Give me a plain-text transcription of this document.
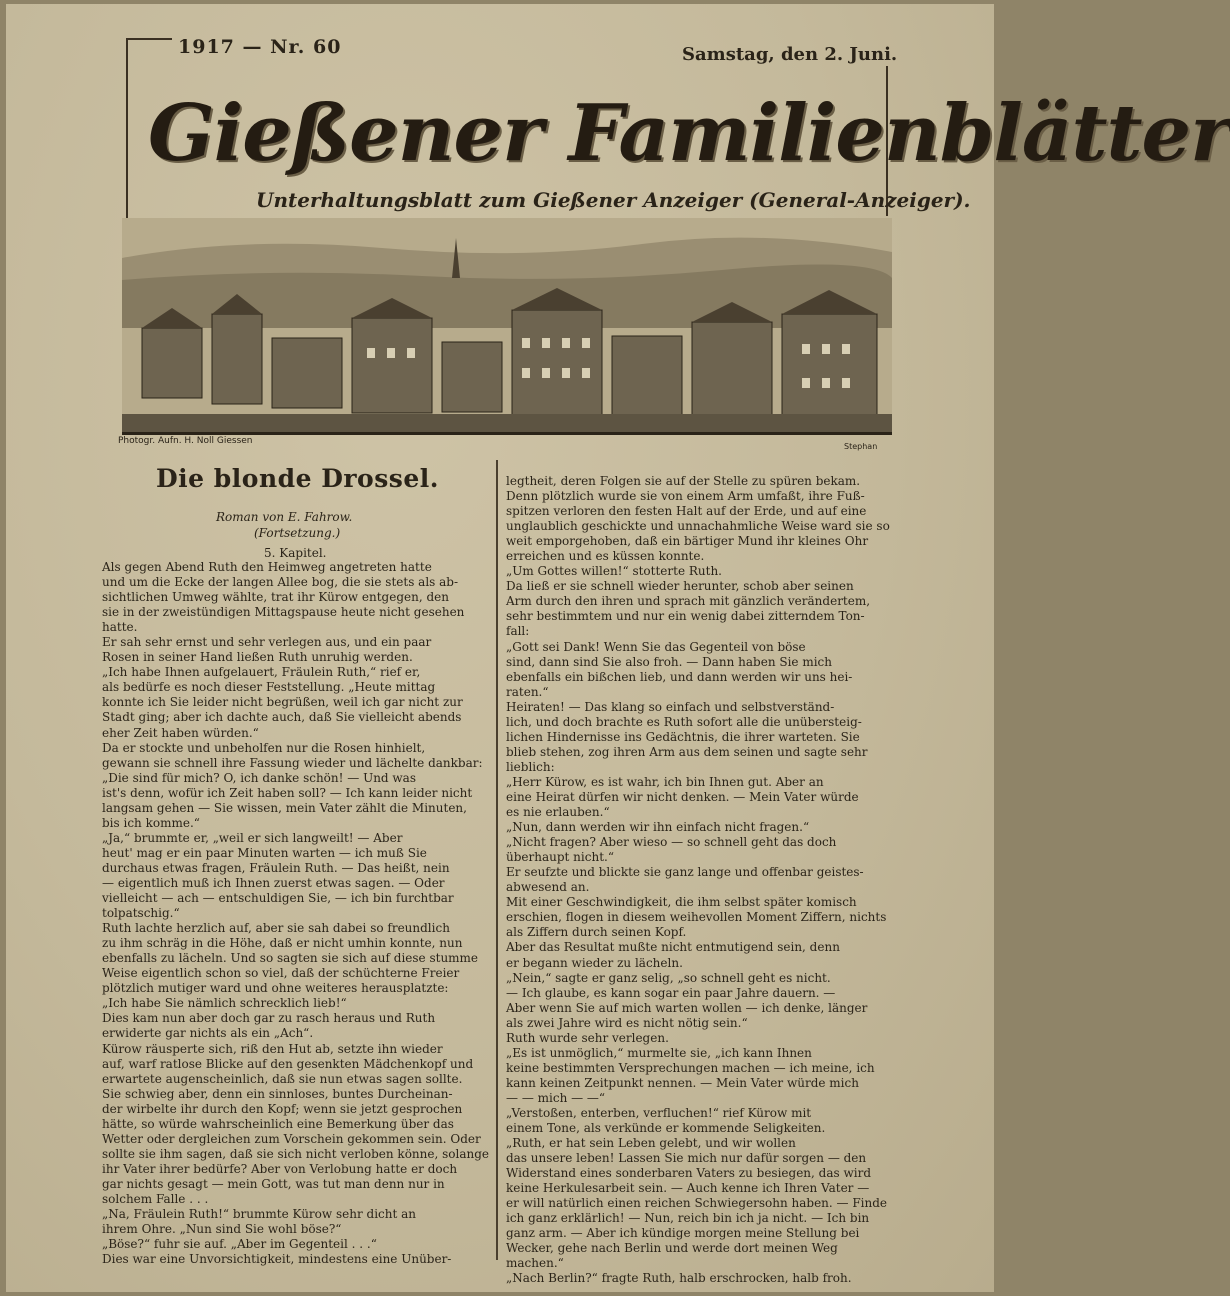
1917 — Nr. 60	Samstag, den 2. Juni.
Gießener Familienblätter
Unterhaltungsblatt zum Gießener Anzeiger (General-Anzeiger).
Photogr. Aufn. H. Noll Giessen
Stephan
Die blonde Drossel.
Roman von E. Fahrow.
(Fortsetzung.)
5. Kapitel.
Als gegen Abend Ruth den Heimweg angetreten hatte
und um die Ecke der langen Allee bog, die sie stets als ab-
sichtlichen Umweg wählte, trat ihr Kürow entgegen, den
sie in der zweistündigen Mittagspause heute nicht gesehen
hatte.
Er sah sehr ernst und sehr verlegen aus, und ein paar
Rosen in seiner Hand ließen Ruth unruhig werden.
„Ich habe Ihnen aufgelauert, Fräulein Ruth,“ rief er,
als bedürfe es noch dieser Feststellung. „Heute mittag
konnte ich Sie leider nicht begrüßen, weil ich gar nicht zur
Stadt ging; aber ich dachte auch, daß Sie vielleicht abends
eher Zeit haben würden.“
Da er stockte und unbeholfen nur die Rosen hinhielt,
gewann sie schnell ihre Fassung wieder und lächelte dankbar:
„Die sind für mich? O, ich danke schön! — Und was
ist's denn, wofür ich Zeit haben soll? — Ich kann leider nicht
langsam gehen — Sie wissen, mein Vater zählt die Minuten,
bis ich komme.“
„Ja,“ brummte er, „weil er sich langweilt! — Aber
heut' mag er ein paar Minuten warten — ich muß Sie
durchaus etwas fragen, Fräulein Ruth. — Das heißt, nein
— eigentlich muß ich Ihnen zuerst etwas sagen. — Oder
vielleicht — ach — entschuldigen Sie, — ich bin furchtbar
tolpatschig.“
Ruth lachte herzlich auf, aber sie sah dabei so freundlich
zu ihm schräg in die Höhe, daß er nicht umhin konnte, nun
ebenfalls zu lächeln. Und so sagten sie sich auf diese stumme
Weise eigentlich schon so viel, daß der schüchterne Freier
plötzlich mutiger ward und ohne weiteres herausplatzte:
„Ich habe Sie nämlich schrecklich lieb!“
Dies kam nun aber doch gar zu rasch heraus und Ruth
erwiderte gar nichts als ein „Ach“.
Kürow räusperte sich, riß den Hut ab, setzte ihn wieder
auf, warf ratlose Blicke auf den gesenkten Mädchenkopf und
erwartete augenscheinlich, daß sie nun etwas sagen sollte.
Sie schwieg aber, denn ein sinnloses, buntes Durcheinan-
der wirbelte ihr durch den Kopf; wenn sie jetzt gesprochen
hätte, so würde wahrscheinlich eine Bemerkung über das
Wetter oder dergleichen zum Vorschein gekommen sein. Oder
sollte sie ihm sagen, daß sie sich nicht verloben könne, solange
ihr Vater ihrer bedürfe? Aber von Verlobung hatte er doch
gar nichts gesagt — mein Gott, was tut man denn nur in
solchem Falle . . .
„Na, Fräulein Ruth!“ brummte Kürow sehr dicht an
ihrem Ohre. „Nun sind Sie wohl böse?“
„Böse?“ fuhr sie auf. „Aber im Gegenteil . . .“
Dies war eine Unvorsichtigkeit, mindestens eine Unüber-
legtheit, deren Folgen sie auf der Stelle zu spüren bekam.
Denn plötzlich wurde sie von einem Arm umfaßt, ihre Fuß-
spitzen verloren den festen Halt auf der Erde, und auf eine
unglaublich geschickte und unnachahmliche Weise ward sie so
weit emporgehoben, daß ein bärtiger Mund ihr kleines Ohr
erreichen und es küssen konnte.
„Um Gottes willen!“ stotterte Ruth.
Da ließ er sie schnell wieder herunter, schob aber seinen
Arm durch den ihren und sprach mit gänzlich verändertem,
sehr bestimmtem und nur ein wenig dabei zitterndem Ton-
fall:
„Gott sei Dank! Wenn Sie das Gegenteil von böse
sind, dann sind Sie also froh. — Dann haben Sie mich
ebenfalls ein bißchen lieb, und dann werden wir uns hei-
raten.“
Heiraten! — Das klang so einfach und selbstverständ-
lich, und doch brachte es Ruth sofort alle die unübersteig-
lichen Hindernisse ins Gedächtnis, die ihrer warteten. Sie
blieb stehen, zog ihren Arm aus dem seinen und sagte sehr
lieblich:
„Herr Kürow, es ist wahr, ich bin Ihnen gut. Aber an
eine Heirat dürfen wir nicht denken. — Mein Vater würde
es nie erlauben.“
„Nun, dann werden wir ihn einfach nicht fragen.“
„Nicht fragen? Aber wieso — so schnell geht das doch
überhaupt nicht.“
Er seufzte und blickte sie ganz lange und offenbar geistes-
abwesend an.
Mit einer Geschwindigkeit, die ihm selbst später komisch
erschien, flogen in diesem weihevollen Moment Ziffern, nichts
als Ziffern durch seinen Kopf.
Aber das Resultat mußte nicht entmutigend sein, denn
er begann wieder zu lächeln.
„Nein,“ sagte er ganz selig, „so schnell geht es nicht.
— Ich glaube, es kann sogar ein paar Jahre dauern. —
Aber wenn Sie auf mich warten wollen — ich denke, länger
als zwei Jahre wird es nicht nötig sein.“
Ruth wurde sehr verlegen.
„Es ist unmöglich,“ murmelte sie, „ich kann Ihnen
keine bestimmten Versprechungen machen — ich meine, ich
kann keinen Zeitpunkt nennen. — Mein Vater würde mich
— — mich — —“
„Verstoßen, enterben, verfluchen!“ rief Kürow mit
einem Tone, als verkünde er kommende Seligkeiten.
„Ruth, er hat sein Leben gelebt, und wir wollen
das unsere leben! Lassen Sie mich nur dafür sorgen — den
Widerstand eines sonderbaren Vaters zu besiegen, das wird
keine Herkulesarbeit sein. — Auch kenne ich Ihren Vater —
er will natürlich einen reichen Schwiegersohn haben. — Finde
ich ganz erklärlich! — Nun, reich bin ich ja nicht. — Ich bin
ganz arm. — Aber ich kündige morgen meine Stellung bei
Wecker, gehe nach Berlin und werde dort meinen Weg
machen.“
„Nach Berlin?“ fragte Ruth, halb erschrocken, halb froh.
